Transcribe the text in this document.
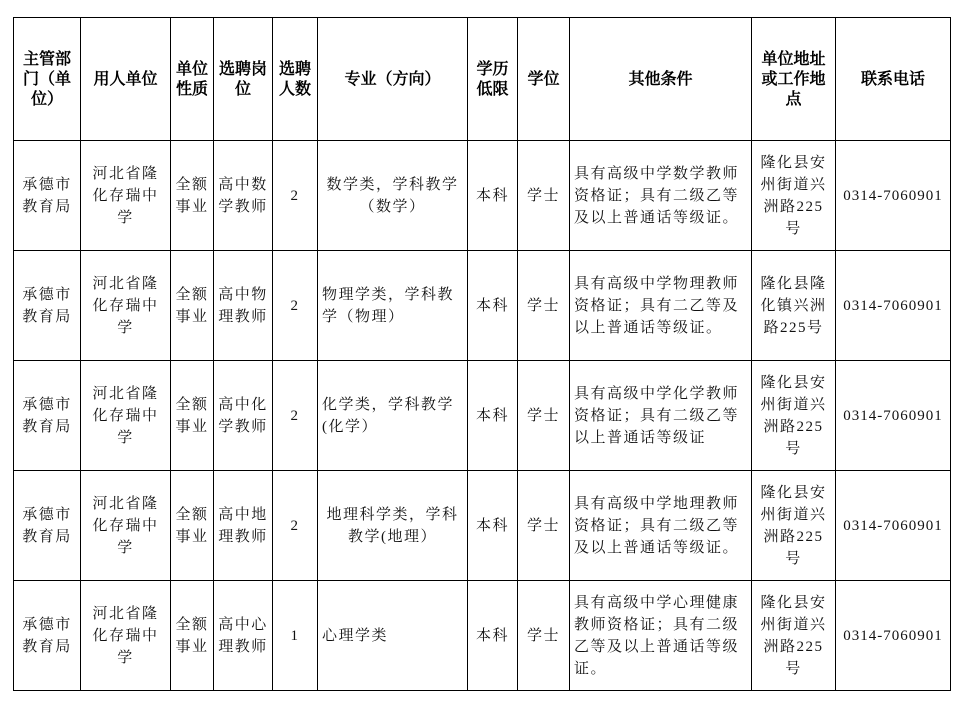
主管部门（单位）	用人单位	单位性质	选聘岗位	选聘人数	专业（方向）	学历低限	学位	其他条件	单位地址或工作地点	联系电话
承德市教育局	河北省隆化存瑞中学	全额事业	高中数学教师	2	数学类，学科教学（数学）	本科	学士	具有高级中学数学教师资格证；具有二级乙等及以上普通话等级证。	隆化县安州街道兴洲路225号	0314-7060901
承德市教育局	河北省隆化存瑞中学	全额事业	高中物理教师	2	物理学类，学科教学（物理）	本科	学士	具有高级中学物理教师资格证；具有二乙等及以上普通话等级证。	隆化县隆化镇兴洲路225号	0314-7060901
承德市教育局	河北省隆化存瑞中学	全额事业	高中化学教师	2	化学类，学科教学(化学）	本科	学士	具有高级中学化学教师资格证；具有二级乙等以上普通话等级证	隆化县安州街道兴洲路225号	0314-7060901
承德市教育局	河北省隆化存瑞中学	全额事业	高中地理教师	2	地理科学类，学科教学(地理）	本科	学士	具有高级中学地理教师资格证；具有二级乙等及以上普通话等级证。	隆化县安州街道兴洲路225号	0314-7060901
承德市教育局	河北省隆化存瑞中学	全额事业	高中心理教师	1	心理学类	本科	学士	具有高级中学心理健康教师资格证；具有二级乙等及以上普通话等级证。	隆化县安州街道兴洲路225号	0314-7060901
